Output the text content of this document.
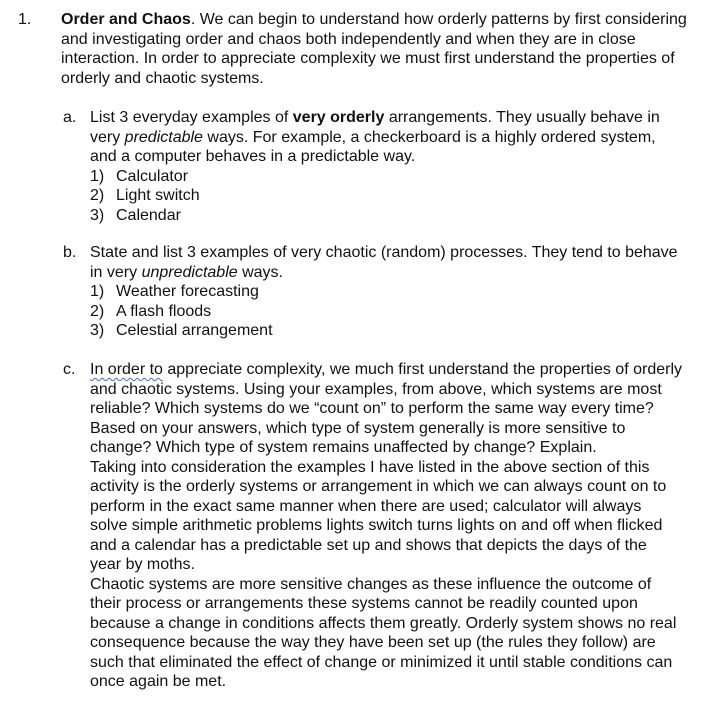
1. Order and Chaos. We can begin to understand how orderly patterns by first considering and investigating order and chaos both independently and when they are in close interaction. In order to appreciate complexity we must first understand the properties of orderly and chaotic systems.
a. List 3 everyday examples of very orderly arrangements. They usually behave in very predictable ways. For example, a checkerboard is a highly ordered system, and a computer behaves in a predictable way.

1) Calculator
2) Light switch
3) Calendar
b. State and list 3 examples of very chaotic (random) processes. They tend to behave in very unpredictable ways.

1) Weather forecasting
2) A flash floods
3) Celestial arrangement
c. In order to appreciate complexity, we much first understand the properties of orderly and chaotic systems. Using your examples, from above, which systems are most reliable? Which systems do we “count on” to perform the same way every time? Based on your answers, which type of system generally is more sensitive to change? Which type of system remains unaffected by change? Explain.

Taking into consideration the examples I have listed in the above section of this activity is the orderly systems or arrangement in which we can always count on to perform in the exact same manner when there are used; calculator will always solve simple arithmetic problems lights switch turns lights on and off when flicked and a calendar has a predictable set up and shows that depicts the days of the year by moths.

Chaotic systems are more sensitive changes as these influence the outcome of their process or arrangements these systems cannot be readily counted upon because a change in conditions affects them greatly. Orderly system shows no real consequence because the way they have been set up (the rules they follow) are such that eliminated the effect of change or minimized it until stable conditions can once again be met.
